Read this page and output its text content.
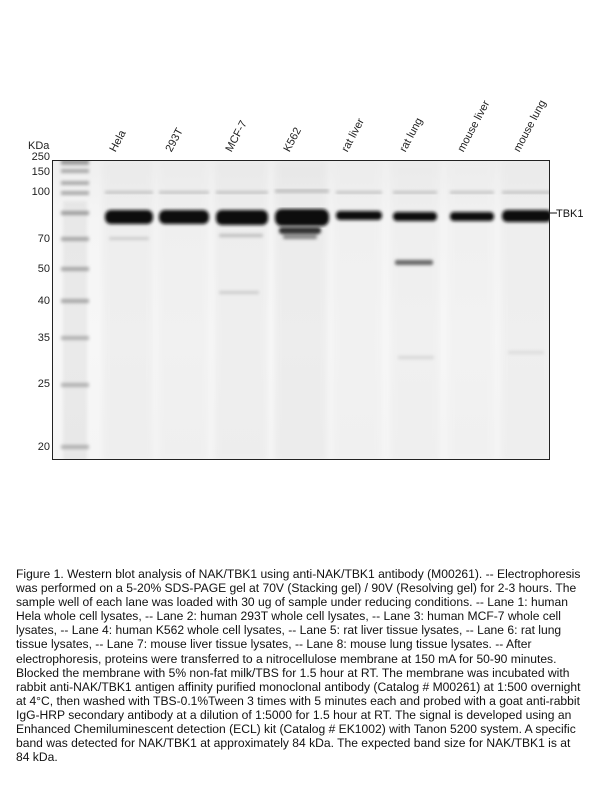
KDa	Hela	293T	MCF-7	K562	rat liver	rat lung	mouse liver mouse lung
250
150
100
70
50
40
35
25
20
TBK1
Figure 1. Western blot analysis of NAK/TBK1 using anti-NAK/TBK1 antibody (M00261). -- Electrophoresis was performed on a 5-20% SDS-PAGE gel at 70V (Stacking gel) / 90V (Resolving gel) for 2-3 hours. The sample well of each lane was loaded with 30 ug of sample under reducing conditions. -- Lane 1: human Hela whole cell lysates, -- Lane 2: human 293T whole cell lysates, -- Lane 3: human MCF-7 whole cell lysates, -- Lane 4: human K562 whole cell lysates, -- Lane 5: rat liver tissue lysates, -- Lane 6: rat lung tissue lysates, -- Lane 7: mouse liver tissue lysates, -- Lane 8: mouse lung tissue lysates. -- After electrophoresis, proteins were transferred to a nitrocellulose membrane at 150 mA for 50-90 minutes. Blocked the membrane with 5% non-fat milk/TBS for 1.5 hour at RT. The membrane was incubated with rabbit anti-NAK/TBK1 antigen affinity purified monoclonal antibody (Catalog # M00261) at 1:500 overnight at 4°C, then washed with TBS-0.1%Tween 3 times with 5 minutes each and probed with a goat anti-rabbit IgG-HRP secondary antibody at a dilution of 1:5000 for 1.5 hour at RT. The signal is developed using an Enhanced Chemiluminescent detection (ECL) kit (Catalog # EK1002) with Tanon 5200 system. A specific band was detected for NAK/TBK1 at approximately 84 kDa. The expected band size for NAK/TBK1 is at 84 kDa.
